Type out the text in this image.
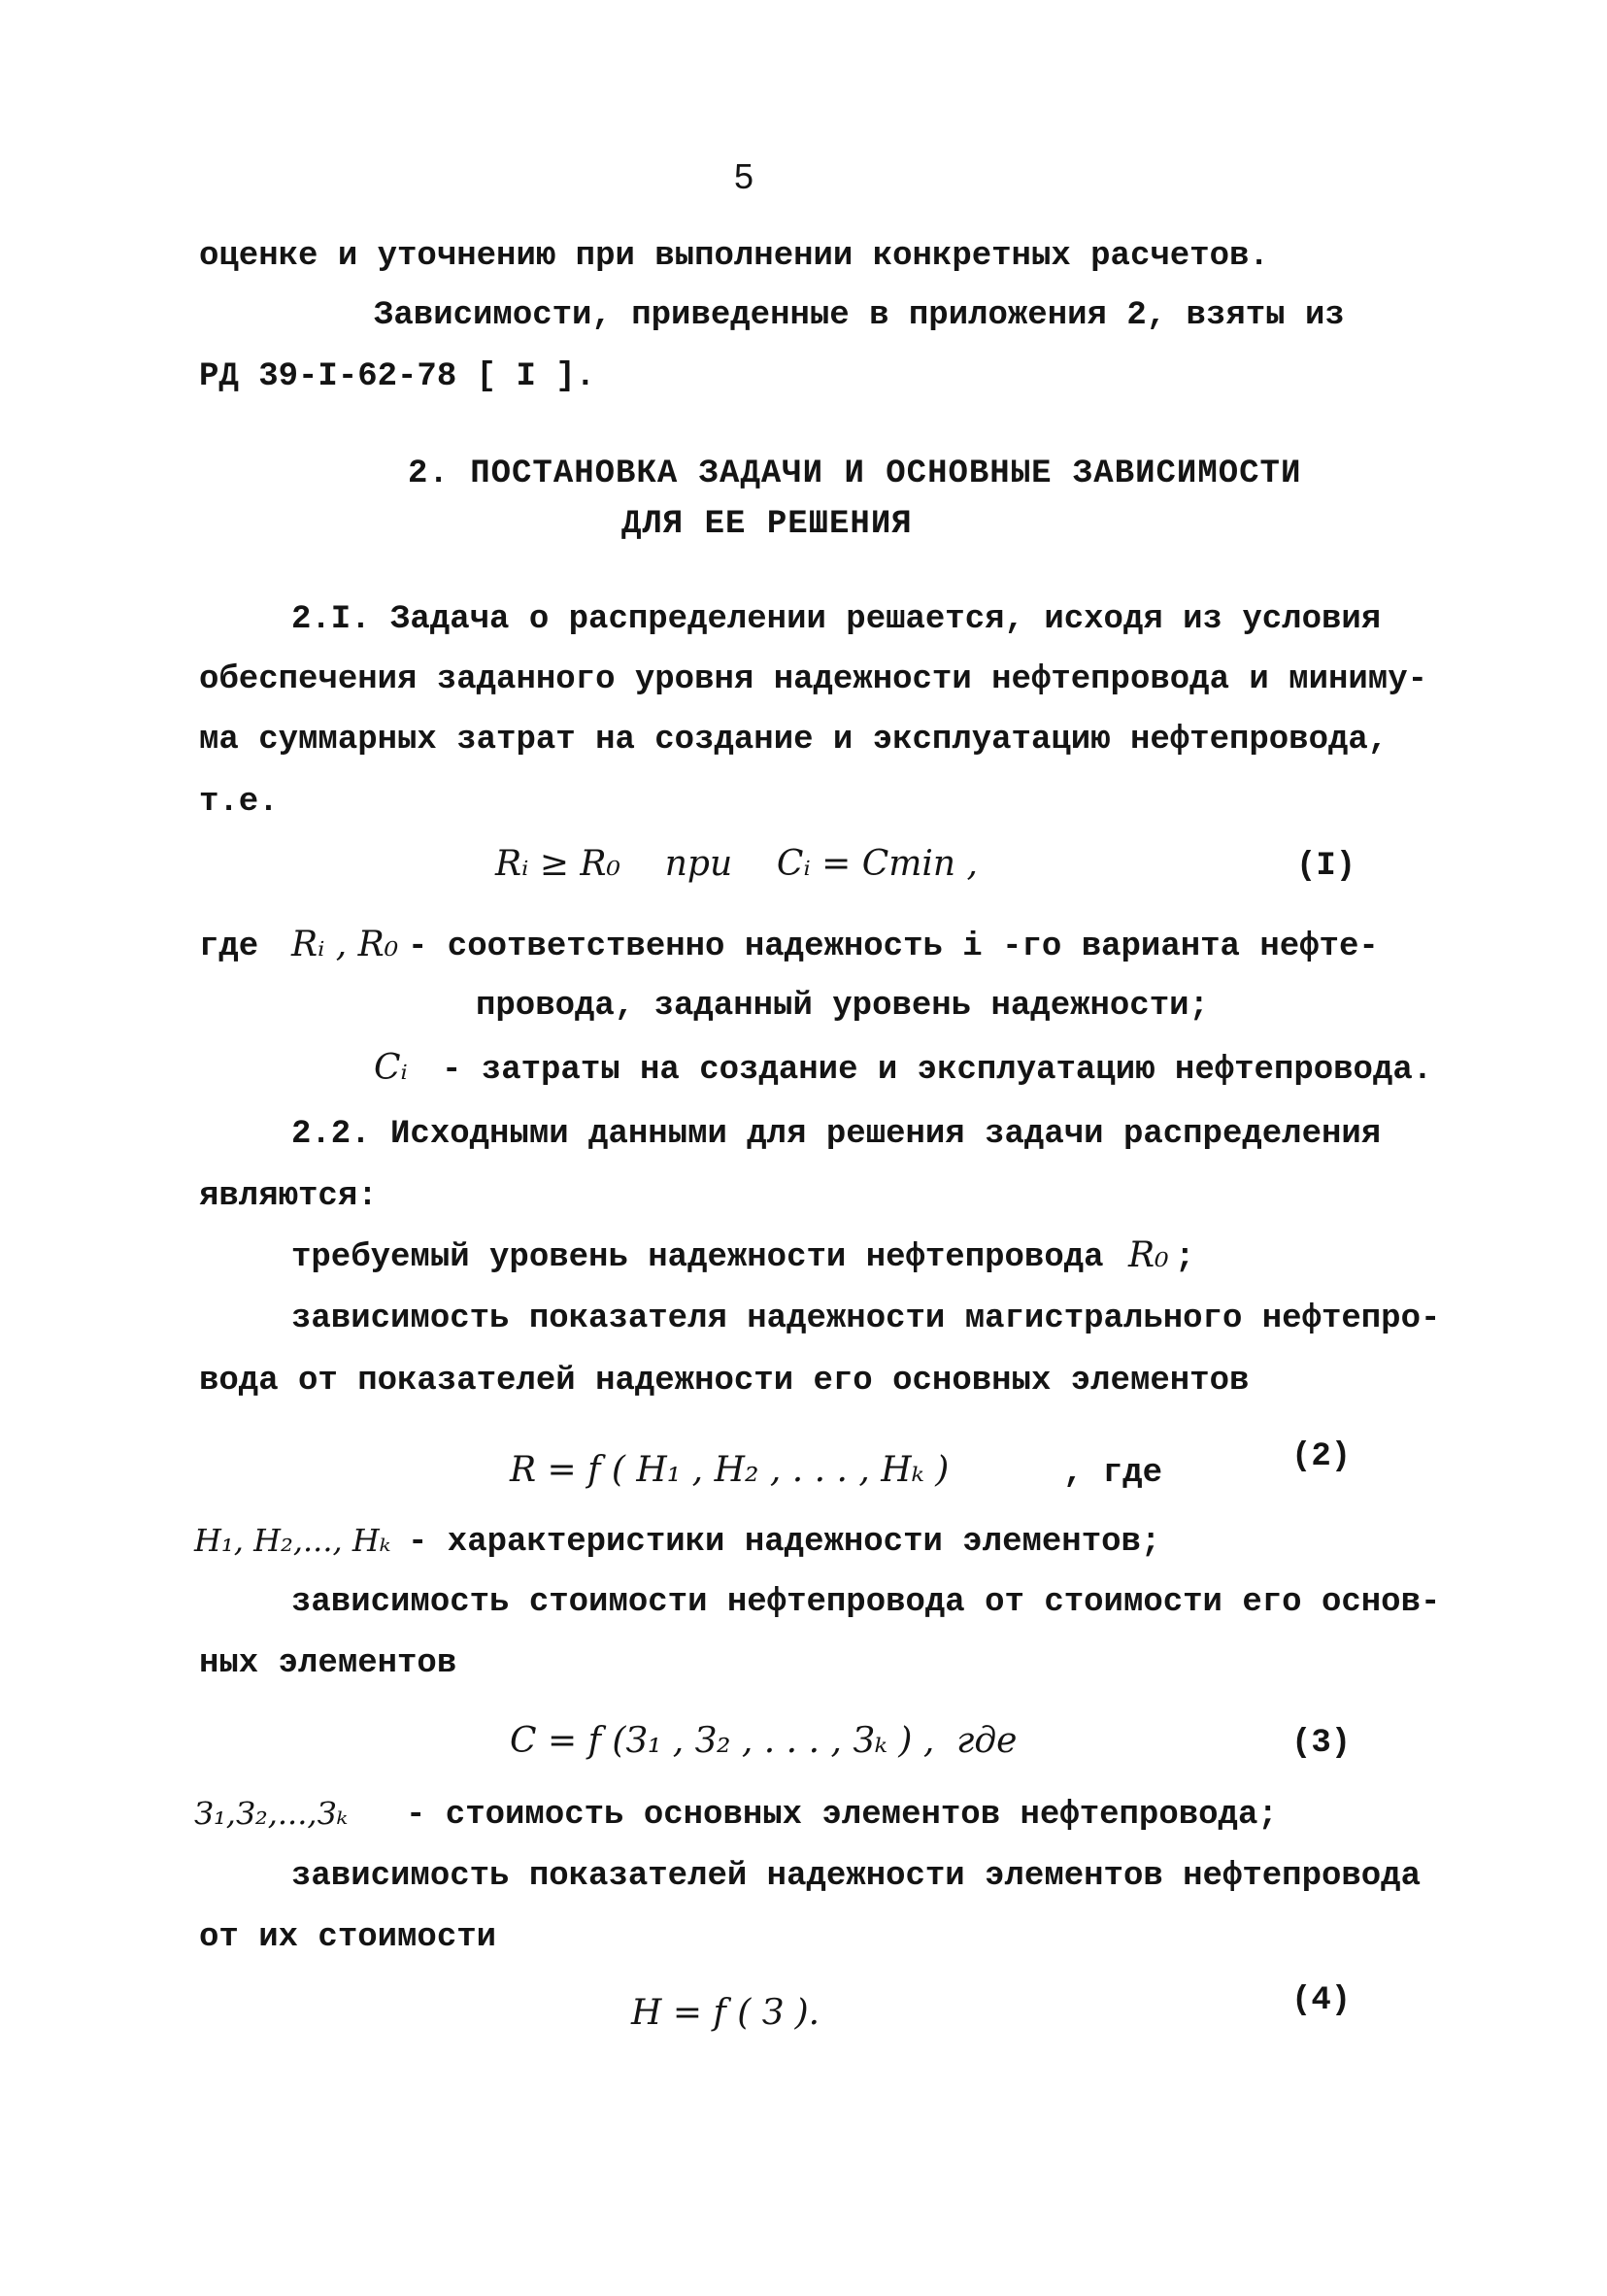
5
оценке и уточнению при выполнении конкретных расчетов.
Зависимости, приведенные в приложения 2, взяты из
РД 39-I-62-78 [ I ].
2. ПОСТАНОВКА ЗАДАЧИ И ОСНОВНЫЕ ЗАВИСИМОСТИ
ДЛЯ ЕЕ РЕШЕНИЯ
2.I. Задача о распределении решается, исходя из условия
обеспечения заданного уровня надежности нефтепровода и миниму-
ма суммарных затрат на создание и эксплуатацию нефтепровода,
т.е.
Rᵢ ≥ R₀    при    Cᵢ = Cmin ,	(I)
где Rᵢ , R₀ - соответственно надежность i -го варианта нефте-
провода, заданный уровень надежности;
Cᵢ - затраты на создание и эксплуатацию нефтепровода.
2.2. Исходными данными для решения задачи распределения
являются:
требуемый уровень надежности нефтепровода R₀ ;
зависимость показателя надежности магистрального нефтепро-
вода от показателей надежности его основных элементов
R = f ( H₁ , H₂ , . . . , Hₖ )	, где	(2)
H₁, H₂,..., Hₖ - характеристики надежности элементов;
зависимость стоимости нефтепровода от стоимости его основ-
ных элементов
C = f (З₁ , З₂ , . . . , Зₖ ) ,  где	(3)
З₁,З₂,...,Зₖ - стоимость основных элементов нефтепровода;
зависимость показателей надежности элементов нефтепровода
от их стоимости
H = f ( З ).	(4)
